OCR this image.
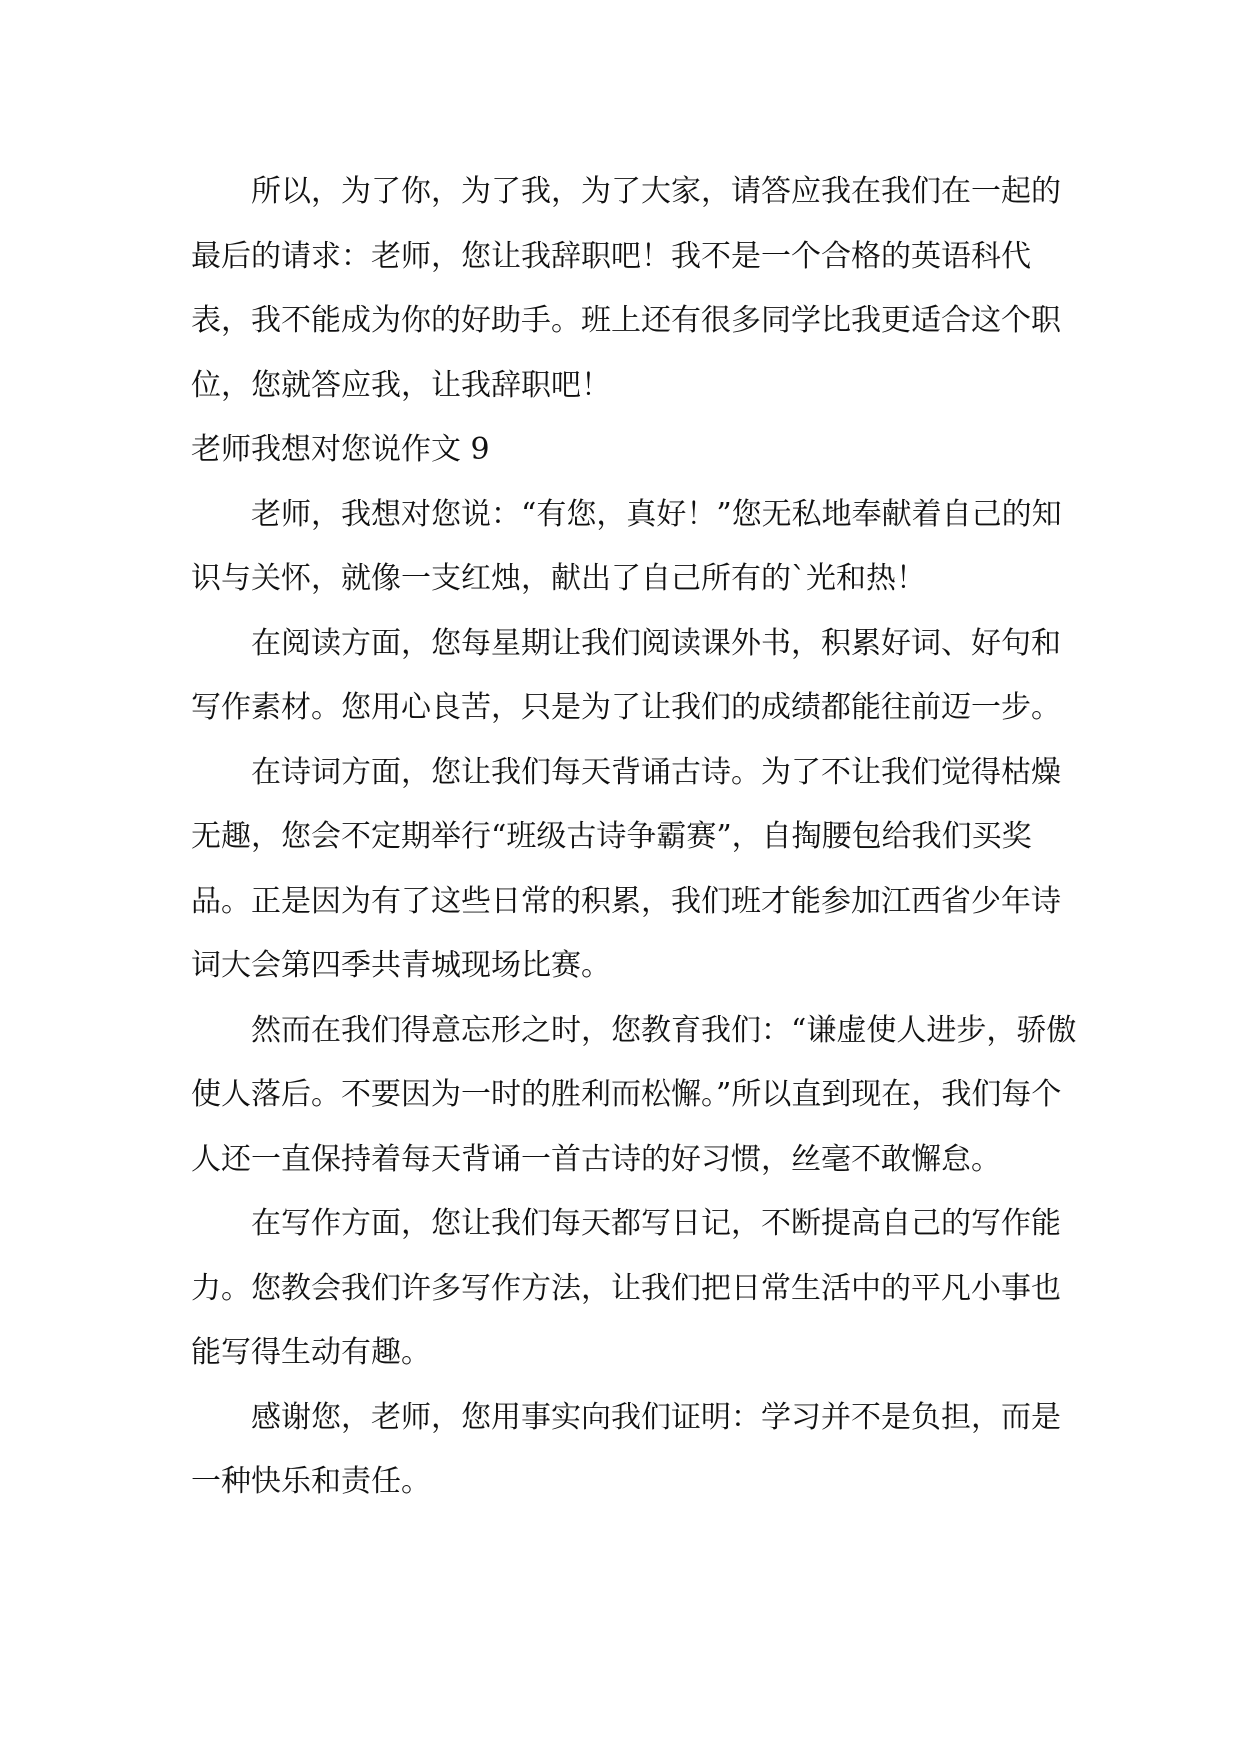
所以，为了你，为了我，为了大家，请答应我在我们在一起的最后的请求：老师，您让我辞职吧！我不是一个合格的英语科代表，我不能成为你的好助手。班上还有很多同学比我更适合这个职位，您就答应我，让我辞职吧！

老师我想对您说作文 9

老师，我想对您说：“有您，真好！”您无私地奉献着自己的知识与关怀，就像一支红烛，献出了自己所有的`光和热！

在阅读方面，您每星期让我们阅读课外书，积累好词、好句和写作素材。您用心良苦，只是为了让我们的成绩都能往前迈一步。

在诗词方面，您让我们每天背诵古诗。为了不让我们觉得枯燥无趣，您会不定期举行“班级古诗争霸赛”，自掏腰包给我们买奖品。正是因为有了这些日常的积累，我们班才能参加江西省少年诗词大会第四季共青城现场比赛。

然而在我们得意忘形之时，您教育我们：“谦虚使人进步，骄傲使人落后。不要因为一时的胜利而松懈。”所以直到现在，我们每个人还一直保持着每天背诵一首古诗的好习惯，丝毫不敢懈怠。

在写作方面，您让我们每天都写日记，不断提高自己的写作能力。您教会我们许多写作方法，让我们把日常生活中的平凡小事也能写得生动有趣。

感谢您，老师，您用事实向我们证明：学习并不是负担，而是一种快乐和责任。
